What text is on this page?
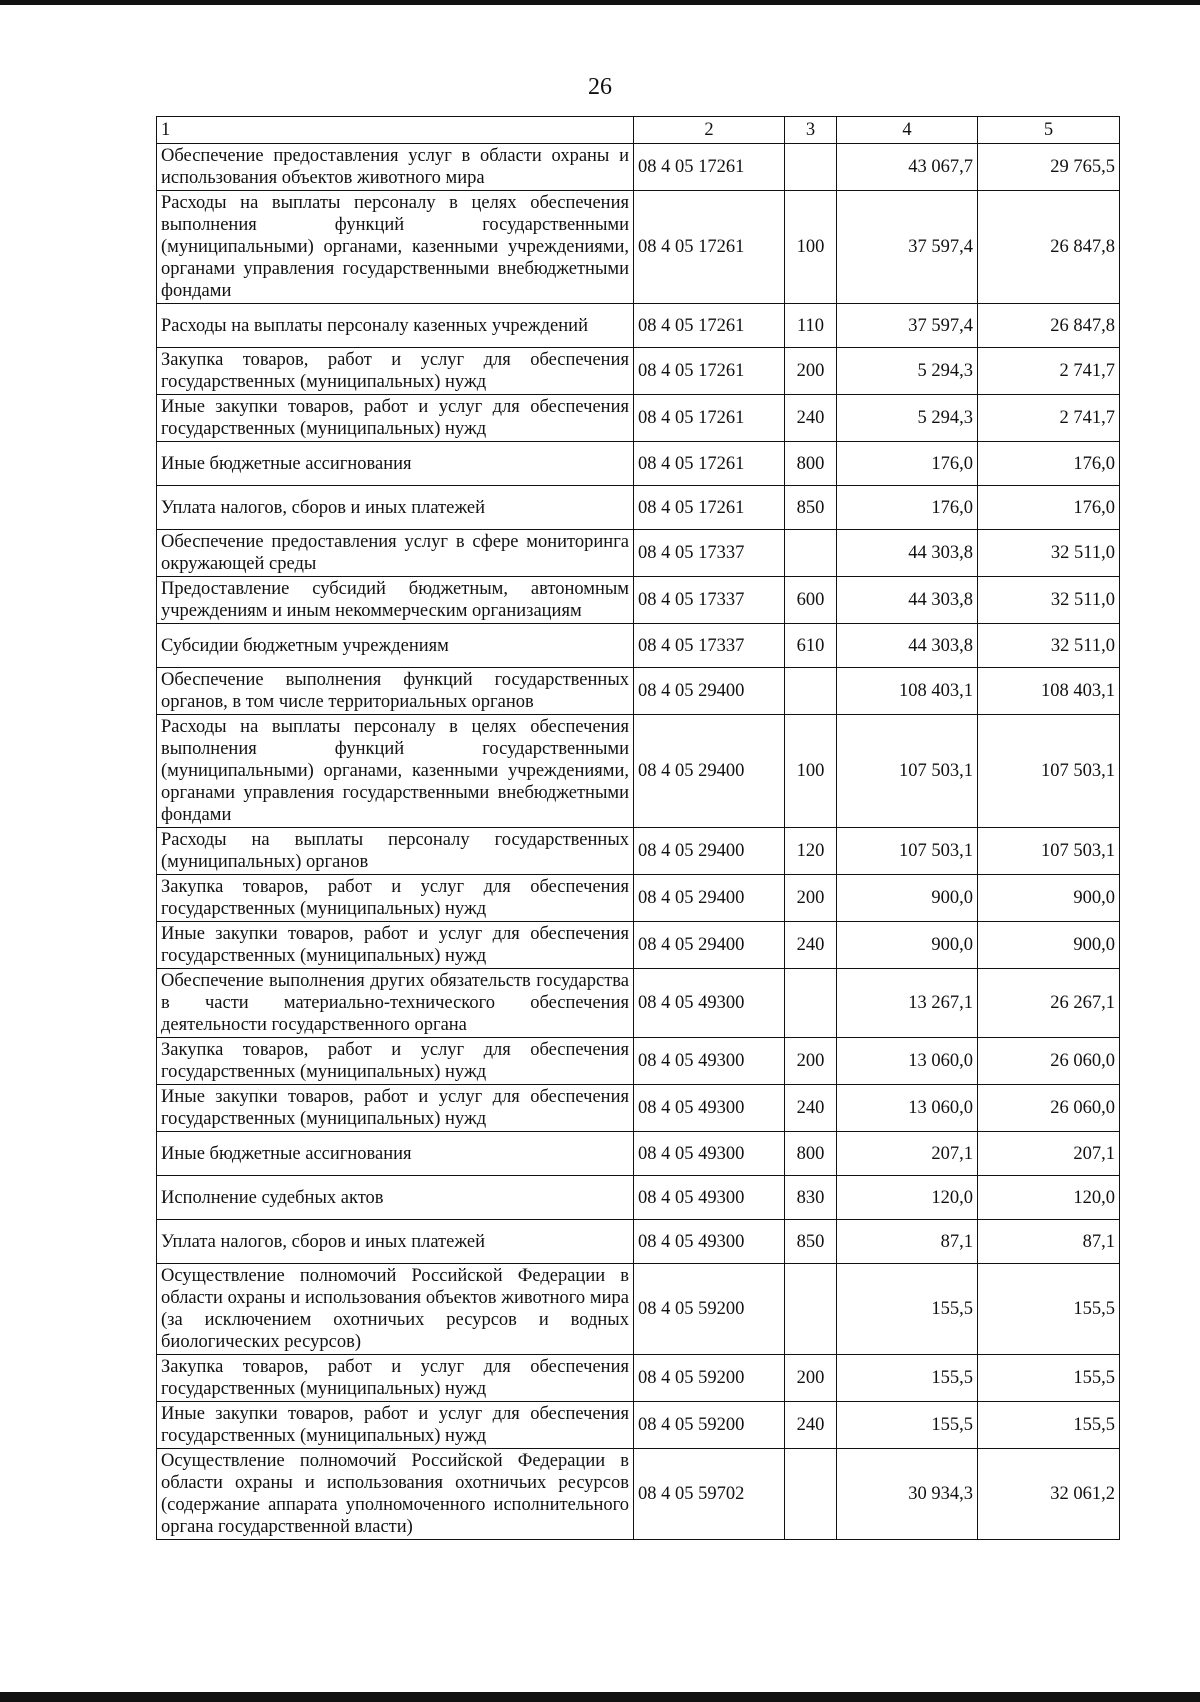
26
1	2	3	4	5
Обеспечение предоставления услуг в области охраны и использования объектов животного мира	08 4 05 17261		43 067,7	29 765,5
Расходы на выплаты персоналу в целях обеспечения выполнения функций государственными (муниципальными) органами, казенными учреждениями, органами управления государственными внебюджетными фондами	08 4 05 17261	100	37 597,4	26 847,8
Расходы на выплаты персоналу казенных учреждений	08 4 05 17261	110	37 597,4	26 847,8
Закупка товаров, работ и услуг для обеспечения государственных (муниципальных) нужд	08 4 05 17261	200	5 294,3	2 741,7
Иные закупки товаров, работ и услуг для обеспечения государственных (муниципальных) нужд	08 4 05 17261	240	5 294,3	2 741,7
Иные бюджетные ассигнования	08 4 05 17261	800	176,0	176,0
Уплата налогов, сборов и иных платежей	08 4 05 17261	850	176,0	176,0
Обеспечение предоставления услуг в сфере мониторинга окружающей среды	08 4 05 17337		44 303,8	32 511,0
Предоставление субсидий бюджетным, автономным учреждениям и иным некоммерческим организациям	08 4 05 17337	600	44 303,8	32 511,0
Субсидии бюджетным учреждениям	08 4 05 17337	610	44 303,8	32 511,0
Обеспечение выполнения функций государственных органов, в том числе территориальных органов	08 4 05 29400		108 403,1	108 403,1
Расходы на выплаты персоналу в целях обеспечения выполнения функций государственными (муниципальными) органами, казенными учреждениями, органами управления государственными внебюджетными фондами	08 4 05 29400	100	107 503,1	107 503,1
Расходы на выплаты персоналу государственных (муниципальных) органов	08 4 05 29400	120	107 503,1	107 503,1
Закупка товаров, работ и услуг для обеспечения государственных (муниципальных) нужд	08 4 05 29400	200	900,0	900,0
Иные закупки товаров, работ и услуг для обеспечения государственных (муниципальных) нужд	08 4 05 29400	240	900,0	900,0
Обеспечение выполнения других обязательств государства в части материально-технического обеспечения деятельности государственного органа	08 4 05 49300		13 267,1	26 267,1
Закупка товаров, работ и услуг для обеспечения государственных (муниципальных) нужд	08 4 05 49300	200	13 060,0	26 060,0
Иные закупки товаров, работ и услуг для обеспечения государственных (муниципальных) нужд	08 4 05 49300	240	13 060,0	26 060,0
Иные бюджетные ассигнования	08 4 05 49300	800	207,1	207,1
Исполнение судебных актов	08 4 05 49300	830	120,0	120,0
Уплата налогов, сборов и иных платежей	08 4 05 49300	850	87,1	87,1
Осуществление полномочий Российской Федерации в области охраны и использования объектов животного мира (за исключением охотничьих ресурсов и водных биологических ресурсов)	08 4 05 59200		155,5	155,5
Закупка товаров, работ и услуг для обеспечения государственных (муниципальных) нужд	08 4 05 59200	200	155,5	155,5
Иные закупки товаров, работ и услуг для обеспечения государственных (муниципальных) нужд	08 4 05 59200	240	155,5	155,5
Осуществление полномочий Российской Федерации в области охраны и использования охотничьих ресурсов (содержание аппарата уполномоченного исполнительного органа государственной власти)	08 4 05 59702		30 934,3	32 061,2
